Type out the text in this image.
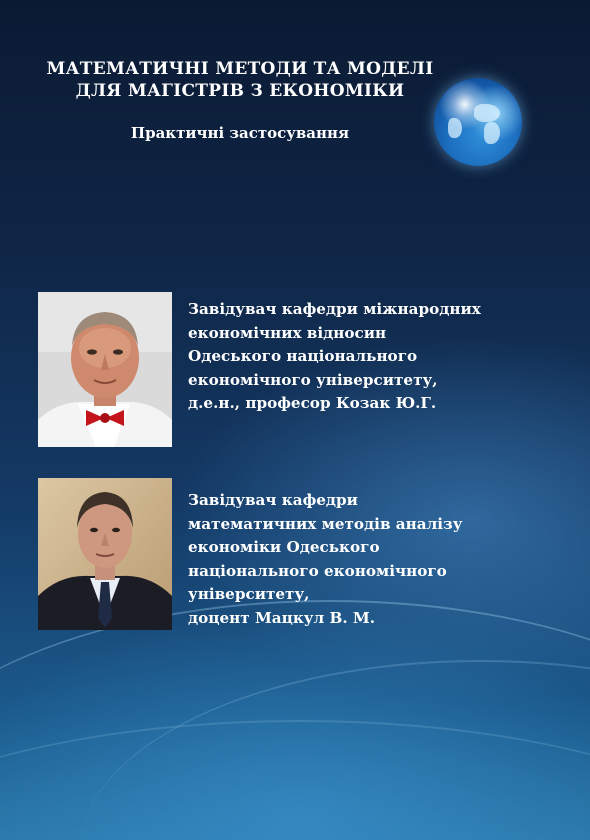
МАТЕМАТИЧНІ МЕТОДИ ТА МОДЕЛІ
ДЛЯ МАГІСТРІВ З ЕКОНОМІКИ
Практичні застосування
Завідувач кафедри міжнародних
економічних відносин
Одеського національного
економічного університету,
д.е.н., професор Козак Ю.Г.
Завідувач кафедри
математичних методів аналізу
економіки Одеського
національного економічного
університету,
доцент Мацкул В. М.
